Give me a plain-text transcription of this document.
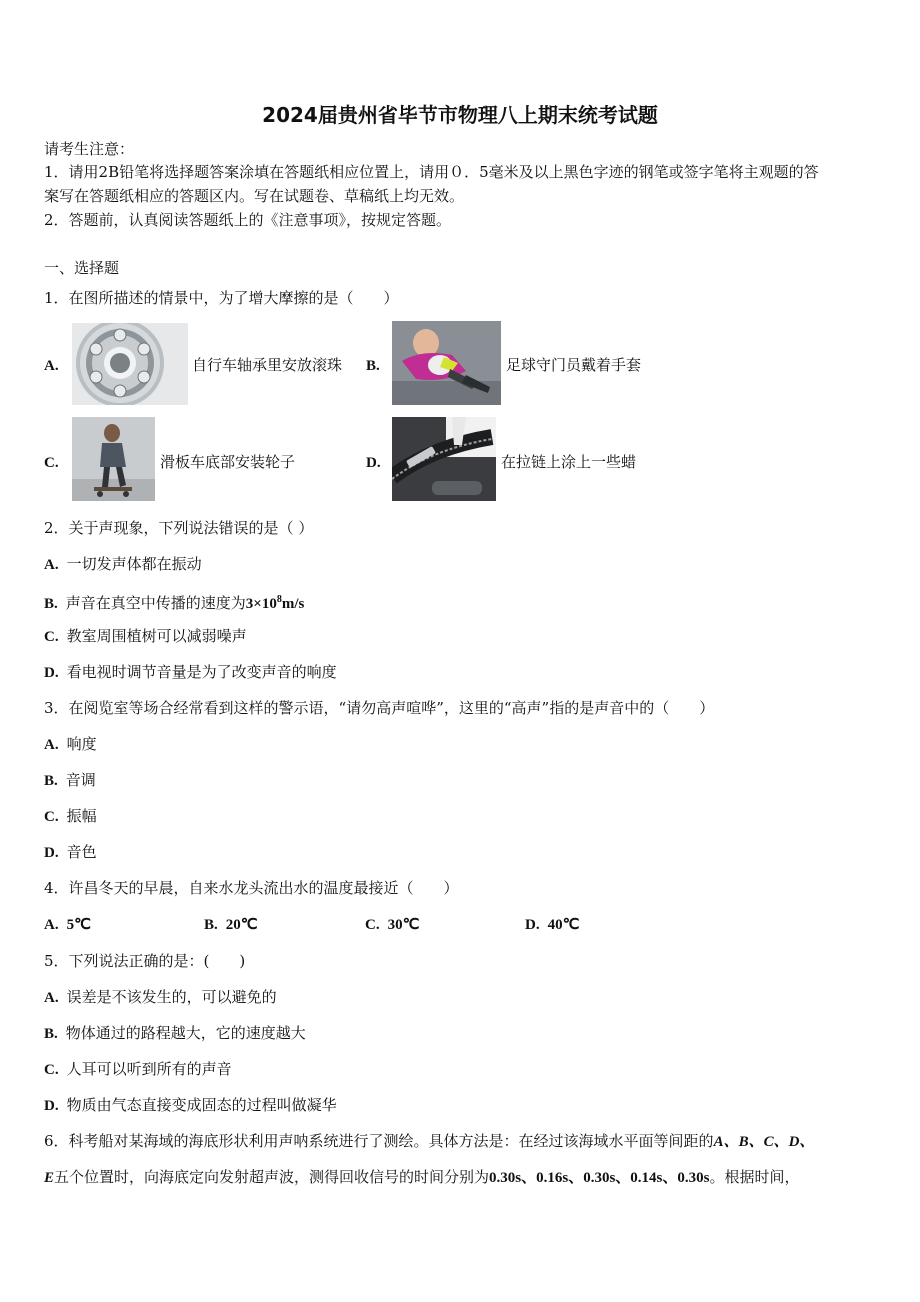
2024届贵州省毕节市物理八上期末统考试题
请考生注意：
1．请用2B铅笔将选择题答案涂填在答题纸相应位置上，请用０．5毫米及以上黑色字迹的钢笔或签字笔将主观题的答
案写在答题纸相应的答题区内。写在试题卷、草稿纸上均无效。
2．答题前，认真阅读答题纸上的《注意事项》，按规定答题。
一、选择题
1．在图所描述的情景中，为了增大摩擦的是（　　）
A.	自行车轴承里安放滚珠 B.	足球守门员戴着手套
C.	滑板车底部安装轮子	D.	在拉链上涂上一些蜡
2．关于声现象，下列说法错误的是（ ）
A. 一切发声体都在振动
B. 声音在真空中传播的速度为$3\times 10^8m/s$
C. 教室周围植树可以减弱噪声
D. 看电视时调节音量是为了改变声音的响度
3．在阅览室等场合经常看到这样的警示语，“请勿高声喧哗”，这里的“高声”指的是声音中的（　　）
A. 响度
B. 音调
C. 振幅
D. 音色
4．许昌冬天的早晨，自来水龙头流出水的温度最接近（　　）
A. 5℃	B. 20℃	C. 30℃	D. 40℃
5．下列说法正确的是：(　　)
A. 误差是不该发生的，可以避免的
B. 物体通过的路程越大，它的速度越大
C. 人耳可以听到所有的声音
D. 物质由气态直接变成固态的过程叫做凝华
6．科考船对某海域的海底形状利用声呐系统进行了测绘。具体方法是：在经过该海域水平面等间距的A、B、C、D、
E五个位置时，向海底定向发射超声波，测得回收信号的时间分别为0.30s、0.16s、0.30s、0.14s、0.30s。根据时间，
